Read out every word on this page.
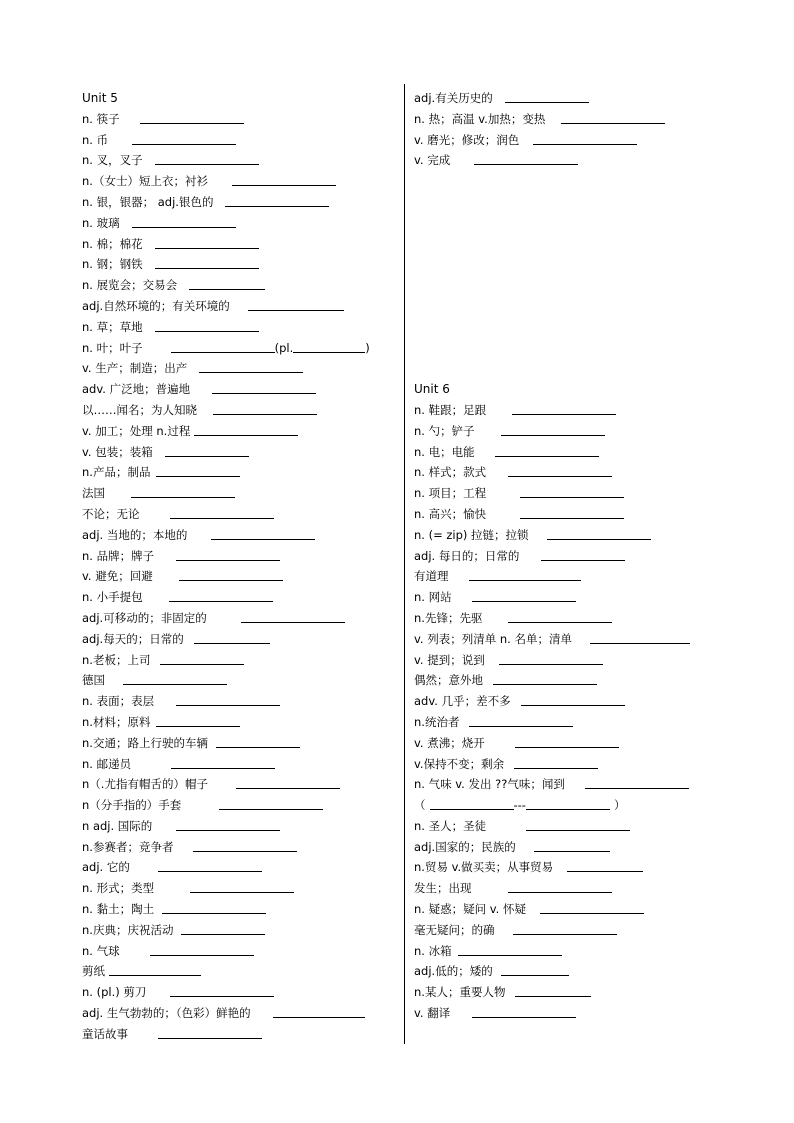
Unit 5
n. 筷子
n. 币
n. 叉，叉子
n.（女士）短上衣；衬衫
n. 银，银器； adj.银色的
n. 玻璃
n. 棉；棉花
n. 钢；钢铁
n. 展览会；交易会
adj.自然环境的；有关环境的
n. 草；草地
n. 叶；叶子	(pl.	)
v. 生产；制造；出产
adv. 广泛地；普遍地
以……闻名；为人知晓
v. 加工；处理 n.过程
v. 包装；装箱
n.产品；制品
法国
不论；无论
adj. 当地的；本地的
n. 品牌；牌子
v. 避免；回避
n. 小手提包
adj.可移动的；非固定的
adj.每天的；日常的
n.老板；上司
德国
n. 表面；表层
n.材料；原料
n.交通；路上行驶的车辆
n. 邮递员
n（.尤指有帽舌的）帽子
n（分手指的）手套
n adj. 国际的
n.参赛者；竞争者
adj. 它的
n. 形式；类型
n. 黏土；陶土
n.庆典；庆祝活动
n. 气球
剪纸
n. (pl.) 剪刀
adj. 生气勃勃的；（色彩）鲜艳的
童话故事
adj.有关历史的
n. 热；高温 v.加热；变热
v. 磨光；修改；润色
v. 完成
Unit 6
n. 鞋跟；足跟
n. 勺；铲子
n. 电；电能
n. 样式；款式
n. 项目；工程
n. 高兴；愉快
n. (= zip) 拉链；拉锁
adj. 每日的；日常的
有道理
n. 网站
n.先锋；先驱
v. 列表；列清单 n. 名单；清单
v. 提到；说到
偶然；意外地
adv. 几乎；差不多
n.统治者
v. 煮沸；烧开
v.保持不变；剩余
n. 气味 v. 发出 ??气味；闻到
（	---	）
n. 圣人；圣徒
adj.国家的；民族的
n.贸易 v.做买卖；从事贸易
发生；出现
n. 疑惑；疑问 v. 怀疑
毫无疑问；的确
n. 冰箱
adj.低的；矮的
n.某人；重要人物
v. 翻译
